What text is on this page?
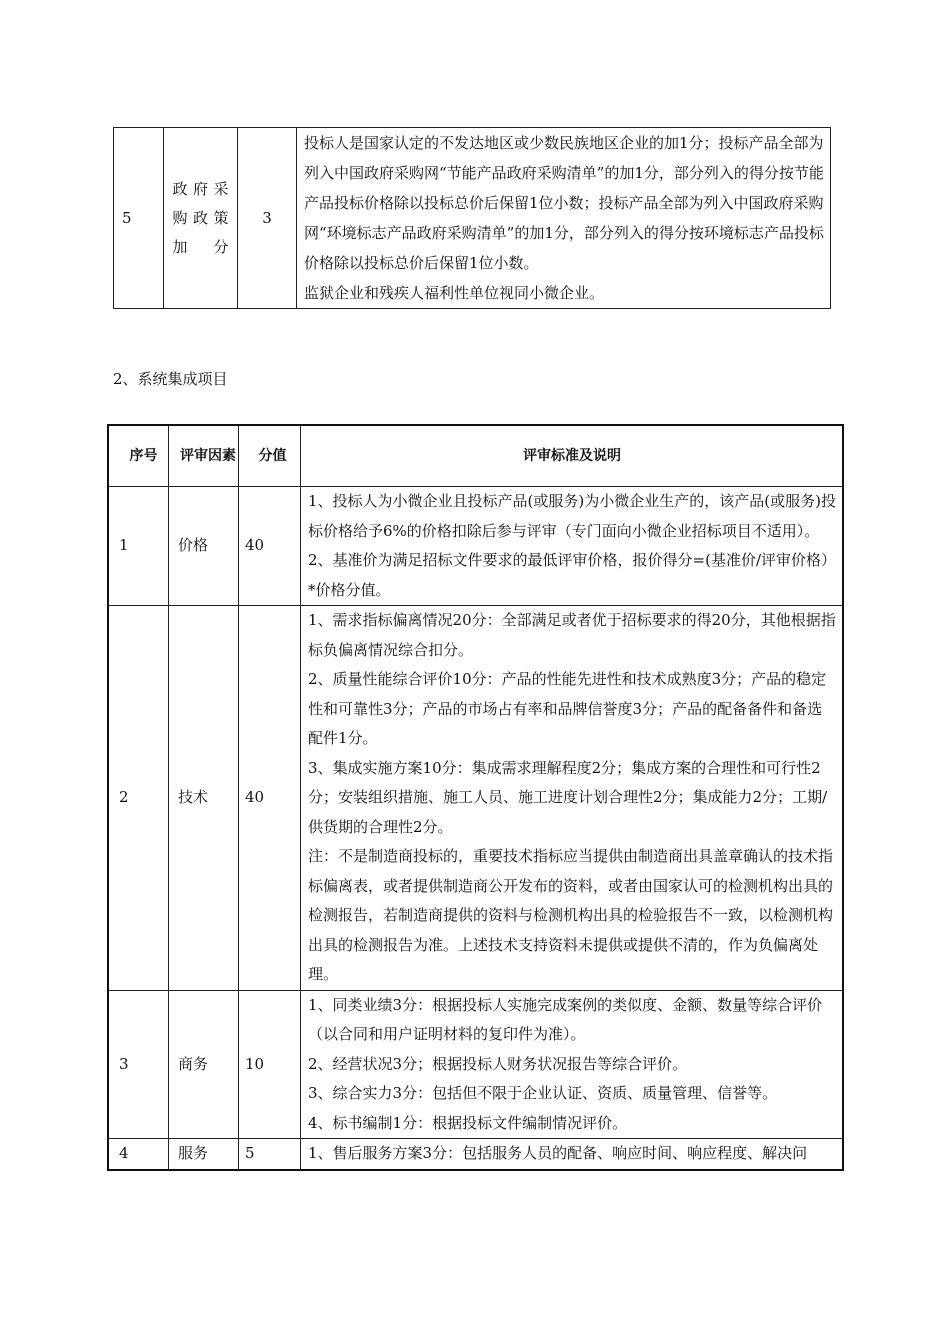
5	政府采购政策加分	3	
投标人是国家认定的不发达地区或少数民族地区企业的加1分；投标产品全部为列入中国政府采购网“节能产品政府采购清单”的加1分，部分列入的得分按节能产品投标价格除以投标总价后保留1位小数；投标产品全部为列入中国政府采购网“环境标志产品政府采购清单”的加1分，部分列入的得分按环境标志产品投标价格除以投标总价后保留1位小数。
监狱企业和残疾人福利性单位视同小微企业。
2、系统集成项目
序号	评审因素	分值	评审标准及说明
1	价格	40	1、投标人为小微企业且投标产品(或服务)为小微企业生产的，该产品(或服务)投标价格给予6%的价格扣除后参与评审（专门面向小微企业招标项目不适用）。
2、基准价为满足招标文件要求的最低评审价格，报价得分=(基准价/评审价格）*价格分值。

2	技术	40	1、需求指标偏离情况20分：全部满足或者优于招标要求的得20分，其他根据指标负偏离情况综合扣分。
2、质量性能综合评价10分：产品的性能先进性和技术成熟度3分；产品的稳定性和可靠性3分；产品的市场占有率和品牌信誉度3分；产品的配备备件和备选配件1分。
3、集成实施方案10分：集成需求理解程度2分；集成方案的合理性和可行性2分；安装组织措施、施工人员、施工进度计划合理性2分；集成能力2分；工期/供货期的合理性2分。
注：不是制造商投标的，重要技术指标应当提供由制造商出具盖章确认的技术指标偏离表，或者提供制造商公开发布的资料，或者由国家认可的检测机构出具的检测报告，若制造商提供的资料与检测机构出具的检验报告不一致，以检测机构出具的检测报告为准。上述技术支持资料未提供或提供不清的，作为负偏离处理。

3	商务	10	1、同类业绩3分：根据投标人实施完成案例的类似度、金额、数量等综合评价（以合同和用户证明材料的复印件为准）。
2、经营状况3分；根据投标人财务状况报告等综合评价。
3、综合实力3分：包括但不限于企业认证、资质、质量管理、信誉等。
4、标书编制1分：根据投标文件编制情况评价。

4	服务	5	1、售后服务方案3分：包括服务人员的配备、响应时间、响应程度、解决问
